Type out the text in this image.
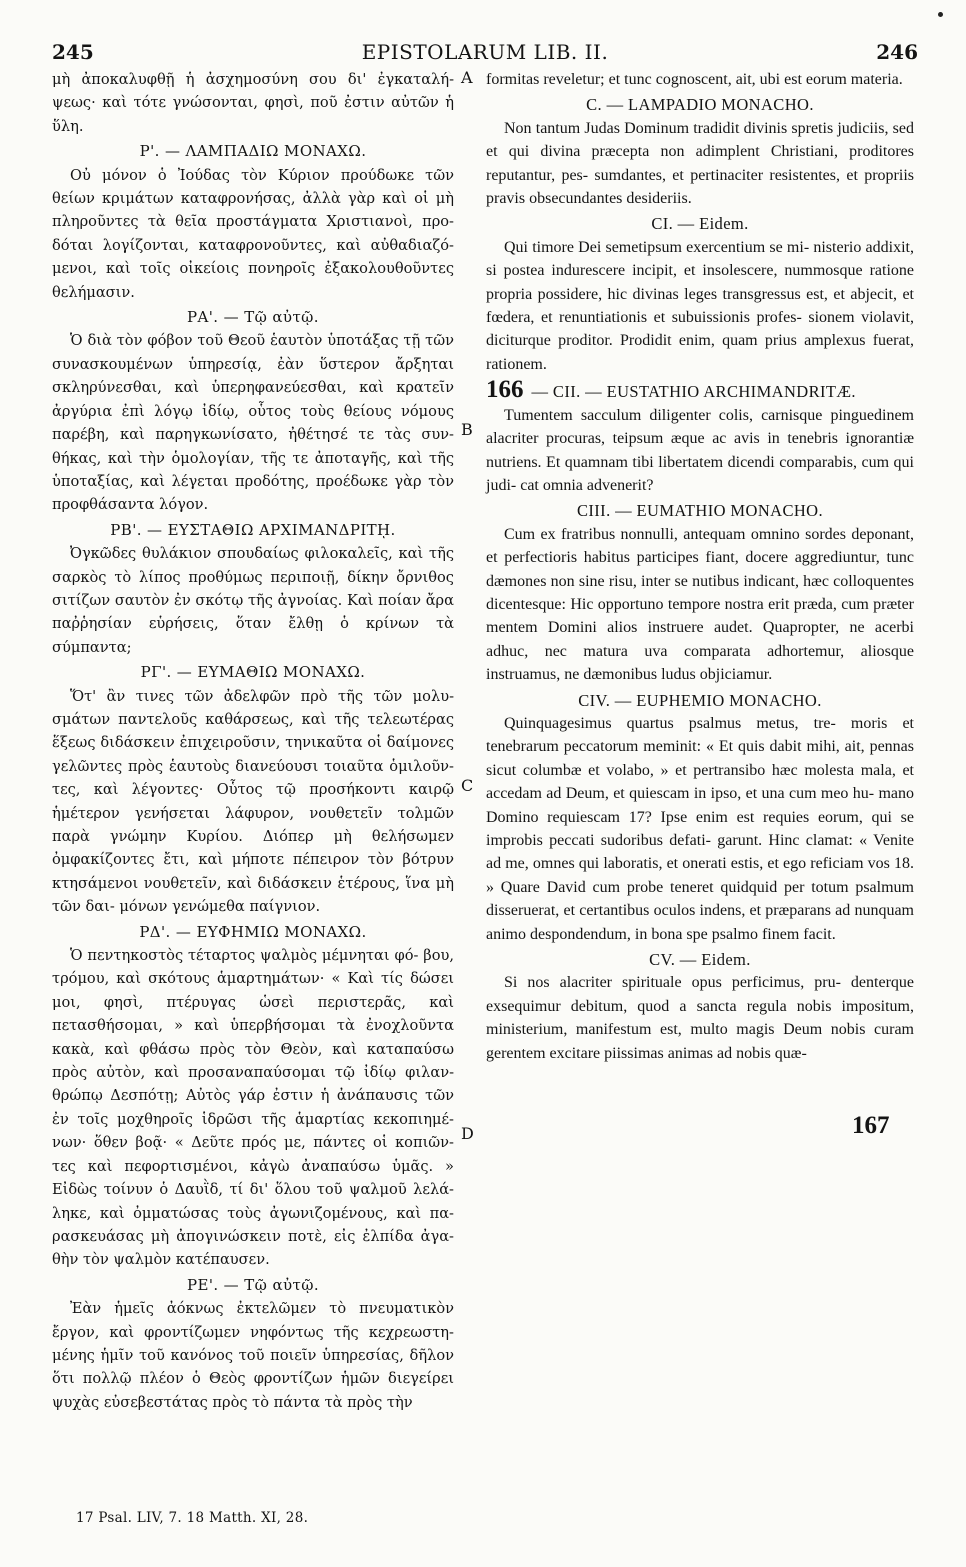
245	EPISTOLARUM LIB. II.	246

μὴ ἀποκαλυφθῇ ἡ ἀσχημοσύνη σου δι' ἐγκαταλή- ψεως· καὶ τότε γνώσονται, φησὶ, ποῦ ἐστιν αὐτῶν ἡ ὕλη.

Ρ'. — ΛΑΜΠΑΔΙΩ ΜΟΝΑΧΩ.

Οὐ μόνον ὁ Ἰούδας τὸν Κύριον προύδωκε τῶν θείων κριμάτων καταφρονήσας, ἀλλὰ γὰρ καὶ οἱ μὴ πληροῦντες τὰ θεῖα προστάγματα Χριστιανοὶ, προ- δόται λογίζονται, καταφρονοῦντες, καὶ αὐθαδιαζό- μενοι, καὶ τοῖς οἰκείοις πονηροῖς ἐξακολουθοῦντες θελήμασιν.

ΡΑ'. — Τῷ αὐτῷ.

Ὁ διὰ τὸν φόβον τοῦ Θεοῦ ἑαυτὸν ὑποτάξας τῇ τῶν συνασκουμένων ὑπηρεσίᾳ, ἐὰν ὕστερον ἄρξηται σκληρύνεσθαι, καὶ ὑπερηφανεύεσθαι, καὶ κρατεῖν ἀργύρια ἐπὶ λόγῳ ἰδίῳ, οὗτος τοὺς θείους νόμους παρέβη, καὶ παρηγκωνίσατο, ἠθέτησέ τε τὰς συν- θήκας, καὶ τὴν ὁμολογίαν, τῆς τε ἀποταγῆς, καὶ τῆς ὑποταξίας, καὶ λέγεται προδότης, προέδωκε γὰρ τὸν προφθάσαντα λόγον.

ΡΒ'. — ΕΥΣΤΑΘΙΩ ΑΡΧΙΜΑΝΔΡΙΤῌ.

Ὀγκῶδες θυλάκιον σπουδαίως φιλοκαλεῖς, καὶ τῆς σαρκὸς τὸ λίπος προθύμως περιποιῇ, δίκην ὄρνιθος σιτίζων σαυτὸν ἐν σκότῳ τῆς ἀγνοίας. Καὶ ποίαν ἄρα παῤῥησίαν εὑρήσεις, ὅταν ἔλθῃ ὁ κρίνων τὰ σύμπαντα;

ΡΓ'. — ΕΥΜΑΘΙΩ ΜΟΝΑΧΩ.

Ὅτ' ἂν τινες τῶν ἀδελφῶν πρὸ τῆς τῶν μολυ- σμάτων παντελοῦς καθάρσεως, καὶ τῆς τελεωτέρας ἕξεως διδάσκειν ἐπιχειροῦσιν, τηνικαῦτα οἱ δαίμονες γελῶντες πρὸς ἑαυτοὺς διανεύουσι τοιαῦτα ὁμιλοῦν- τες, καὶ λέγοντες· Οὗτος τῷ προσήκοντι καιρῷ ἡμέτερον γενήσεται λάφυρον, νουθετεῖν τολμῶν παρὰ γνώμην Κυρίου. Διόπερ μὴ θελήσωμεν ὀμφακίζοντες ἔτι, καὶ μήποτε πέπειρον τὸν βότρυν κτησάμενοι νουθετεῖν, καὶ διδάσκειν ἑτέρους, ἵνα μὴ τῶν δαι- μόνων γενώμεθα παίγνιον.

ΡΔ'. — ΕΥΦΗΜΙΩ ΜΟΝΑΧΩ.

Ὁ πεντηκοστὸς τέταρτος ψαλμὸς μέμνηται φό- βου, τρόμου, καὶ σκότους ἁμαρτημάτων· « Καὶ τίς δώσει μοι, φησὶ, πτέρυγας ὡσεὶ περιστερᾶς, καὶ πετασθήσομαι, » καὶ ὑπερβήσομαι τὰ ἐνοχλοῦντα κακὰ, καὶ φθάσω πρὸς τὸν Θεὸν, καὶ καταπαύσω πρὸς αὐτὸν, καὶ προσαναπαύσομαι τῷ ἰδίῳ φιλαν- θρώπῳ Δεσπότῃ; Αὐτὸς γάρ ἐστιν ἡ ἀνάπαυσις τῶν ἐν τοῖς μοχθηροῖς ἱδρῶσι τῆς ἁμαρτίας κεκοπιημέ- νων· ὅθεν βοᾷ· « Δεῦτε πρός με, πάντες οἱ κοπιῶν- τες καὶ πεφορτισμένοι, κἀγὼ ἀναπαύσω ὑμᾶς. » Εἰδὼς τοίνυν ὁ Δαυῒδ, τί δι' ὅλου τοῦ ψαλμοῦ λελά- ληκε, καὶ ὀμματώσας τοὺς ἀγωνιζομένους, καὶ πα- ρασκευάσας μὴ ἀπογινώσκειν ποτὲ, εἰς ἐλπίδα ἀγα- θὴν τὸν ψαλμὸν κατέπαυσεν.

ΡΕ'. — Τῷ αὐτῷ.

Ἐὰν ἡμεῖς ἀόκνως ἐκτελῶμεν τὸ πνευματικὸν ἔργον, καὶ φροντίζωμεν νηφόντως τῆς κεχρεωστη- μένης ἡμῖν τοῦ κανόνος τοῦ ποιεῖν ὑπηρεσίας, δῆλον ὅτι πολλῷ πλέον ὁ Θεὸς φροντίζων ἡμῶν διεγείρει ψυχὰς εὐσεβεστάτας πρὸς τὸ πάντα τὰ πρὸς τὴν

A
B
C
D

formitas reveletur; et tunc cognoscent, ait, ubi est eorum materia.

C. — LAMPADIO MONACHO.

Non tantum Judas Dominum tradidit divinis spretis judiciis, sed et qui divina præcepta non adimplent Christiani, proditores reputantur, pes- sumdantes, et pertinaciter resistentes, et propriis pravis obsecundantes desideriis.

CI. — Eidem.

Qui timore Dei semetipsum exercentium se mi- nisterio addixit, si postea indurescere incipit, et insolescere, nummosque ratione propria possidere, hic divinas leges transgressus est, et abjecit, et fœdera, et renuntiationis et subuissionis profes- sionem violavit, diciturque proditor. Prodidit enim, quam prius amplexus fuerat, rationem.

166 — CII. — EUSTATHIO ARCHIMANDRITÆ.

Tumentem sacculum diligenter colis, carnisque pinguedinem alacriter procuras, teipsum æque ac avis in tenebris ignorantiæ nutriens. Et quamnam tibi libertatem dicendi comparabis, cum qui judi- cat omnia advenerit?

CIII. — EUMATHIO MONACHO.

Cum ex fratribus nonnulli, antequam omnino sordes deponant, et perfectioris habitus participes fiant, docere aggrediuntur, tunc dæmones non sine risu, inter se nutibus indicant, hæc colloquentes dicentesque: Hic opportuno tempore nostra erit præda, cum præter mentem Domini alios instruere audet. Quapropter, ne acerbi adhuc, nec matura uva comparata adhortemur, aliosque instruamus, ne dæmonibus ludus objiciamur.

CIV. — EUPHEMIO MONACHO.

Quinquagesimus quartus psalmus metus, tre- moris et tenebrarum peccatorum meminit: « Et quis dabit mihi, ait, pennas sicut columbæ et volabo, » et pertransibo hæc molesta mala, et accedam ad Deum, et quiescam in ipso, et una cum meo hu- mano Domino requiescam 17? Ipse enim est requies eorum, qui se improbis peccati sudoribus defati- garunt. Hinc clamat: « Venite ad me, omnes qui laboratis, et onerati estis, et ego reficiam vos 18. » Quare David cum probe teneret quidquid per totum psalmum disseruerat, et certantibus oculos indens, et præparans ad nunquam animo despondendum, in bona spe psalmo finem facit.

CV. — Eidem.

Si nos alacriter spirituale opus perficimus, pru- denterque exsequimur debitum, quod a sancta regula nobis impositum, ministerium, manifestum est, multo magis Deum nobis curam gerentem excitare piissimas animas ad nobis quæ-

167
17 Psal. LIV, 7. 18 Matth. XI, 28.
